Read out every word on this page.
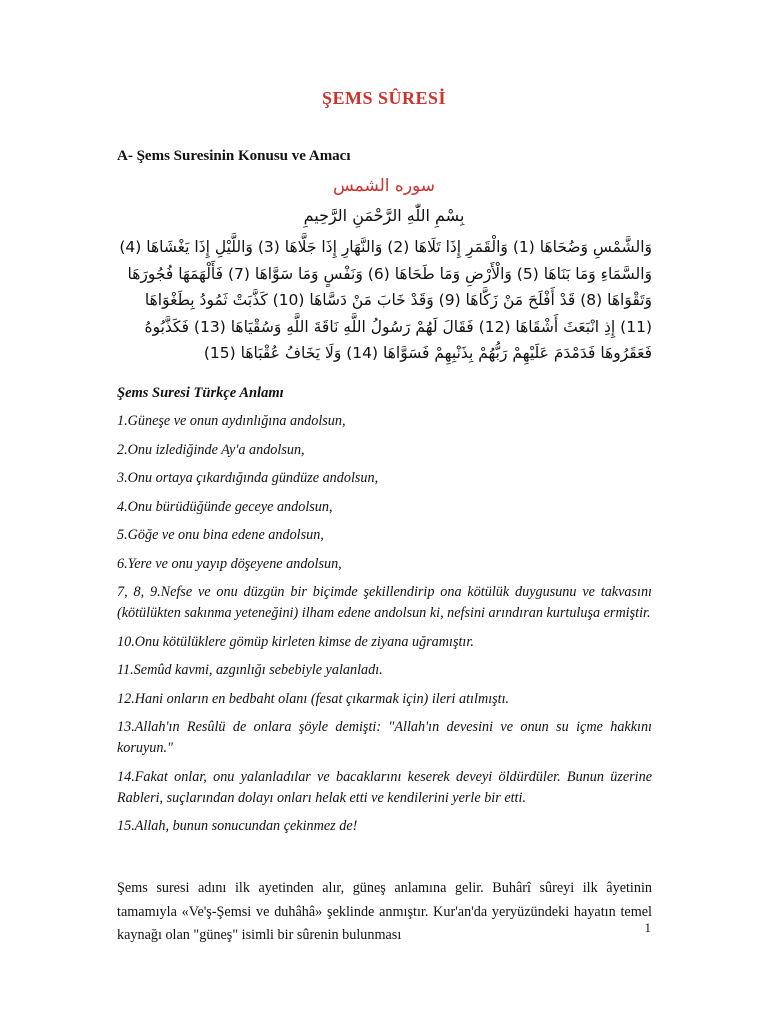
ŞEMS SÛRESİ
A- Şems Suresinin Konusu ve Amacı
سوره الشمس
بِسْمِ اللّٰهِ الرَّحْمَنِ الرَّحِيمِ
وَالشَّمْسِ وَضُحَاهَا (1) وَالْقَمَرِ إِذَا تَلَاهَا (2) وَالنَّهَارِ إِذَا جَلَّاهَا (3) وَاللَّيْلِ إِذَا يَغْشَاهَا (4) وَالسَّمَاءِ وَمَا بَنَاهَا (5) وَالْأَرْضِ وَمَا طَحَاهَا (6) وَنَفْسٍ وَمَا سَوَّاهَا (7) فَأَلْهَمَهَا فُجُورَهَا وَتَقْوَاهَا (8) قَدْ أَفْلَحَ مَنْ زَكَّاهَا (9) وَقَدْ خَابَ مَنْ دَسَّاهَا (10) كَذَّبَتْ ثَمُودُ بِطَغْوَاهَا (11) إِذِ انْبَعَثَ أَشْقَاهَا (12) فَقَالَ لَهُمْ رَسُولُ اللَّهِ نَاقَةَ اللَّهِ وَسُقْيَاهَا (13) فَكَذَّبُوهُ فَعَقَرُوهَا فَدَمْدَمَ عَلَيْهِمْ رَبُّهُمْ بِذَنْبِهِمْ فَسَوَّاهَا (14) وَلَا يَخَافُ عُقْبَاهَا (15)
Şems Suresi Türkçe Anlamı

1.Güneşe ve onun aydınlığına andolsun,

2.Onu izlediğinde Ay'a andolsun,

3.Onu ortaya çıkardığında gündüze andolsun,

4.Onu bürüdüğünde geceye andolsun,

5.Göğe ve onu bina edene andolsun,

6.Yere ve onu yayıp döşeyene andolsun,

7, 8, 9.Nefse ve onu düzgün bir biçimde şekillendirip ona kötülük duygusunu ve takvasını (kötülükten sakınma yeteneğini) ilham edene andolsun ki, nefsini arındıran kurtuluşa ermiştir.

10.Onu kötülüklere gömüp kirleten kimse de ziyana uğramıştır.

11.Semûd kavmi, azgınlığı sebebiyle yalanladı.

12.Hani onların en bedbaht olanı (fesat çıkarmak için) ileri atılmıştı.

13.Allah'ın Resûlü de onlara şöyle demişti: "Allah'ın devesini ve onun su içme hakkını koruyun."

14.Fakat onlar, onu yalanladılar ve bacaklarını keserek deveyi öldürdüler. Bunun üzerine Rableri, suçlarından dolayı onları helak etti ve kendilerini yerle bir etti.

15.Allah, bunun sonucundan çekinmez de!

Şems suresi adını ilk ayetinden alır, güneş anlamına gelir. Buhârî sûreyi ilk âyetinin tamamıyla «Ve'ş-Şemsi ve duhâhâ» şeklinde anmıştır. Kur'an'da yeryüzündeki hayatın temel kaynağı olan "güneş" isimli bir sûrenin bulunması	1
